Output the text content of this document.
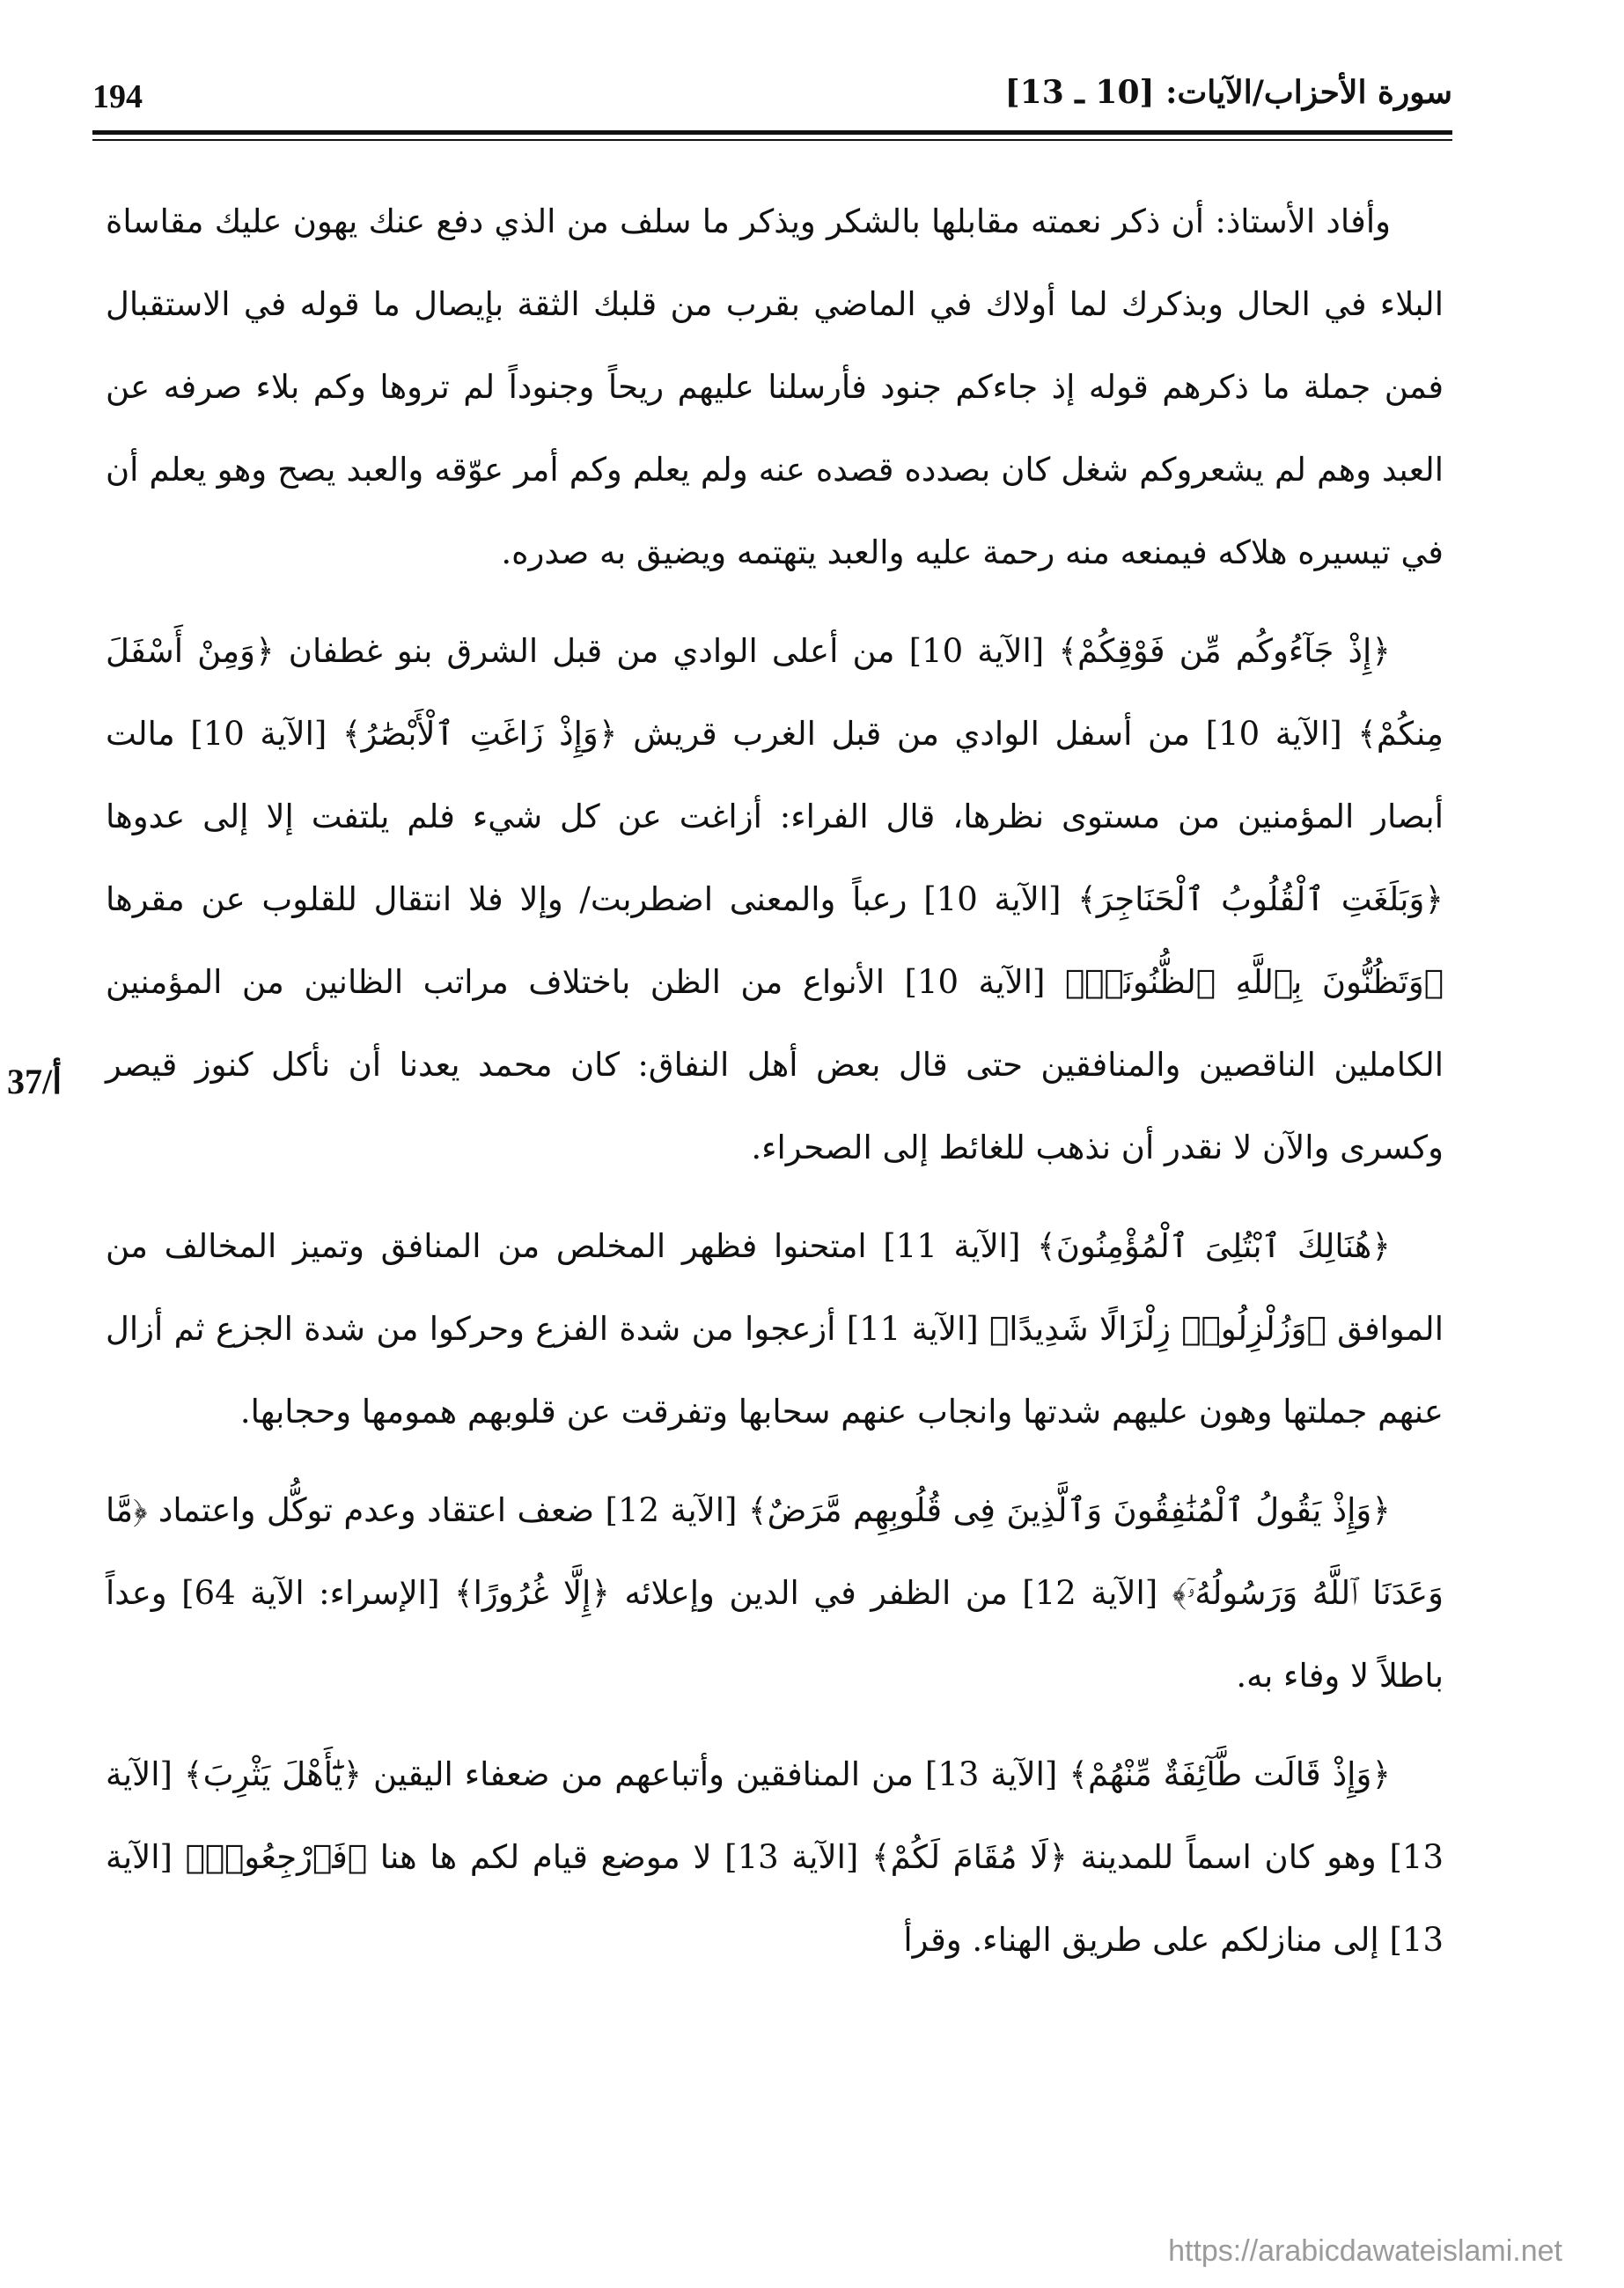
194	سورة الأحزاب/الآيات: [10 ـ 13]
37/أ
وأفاد الأستاذ: أن ذكر نعمته مقابلها بالشكر ويذكر ما سلف من الذي دفع عنك يهون عليك مقاساة البلاء في الحال وبذكرك لما أولاك في الماضي بقرب من قلبك الثقة بإيصال ما قوله في الاستقبال فمن جملة ما ذكرهم قوله إذ جاءكم جنود فأرسلنا عليهم ريحاً وجنوداً لم تروها وكم بلاء صرفه عن العبد وهم لم يشعروكم شغل كان بصدده قصده عنه ولم يعلم وكم أمر عوّقه والعبد يصح وهو يعلم أن في تيسيره هلاكه فيمنعه منه رحمة عليه والعبد يتهتمه ويضيق به صدره.
﴿إِذْ جَآءُوكُم مِّن فَوْقِكُمْ﴾ [الآية 10] من أعلى الوادي من قبل الشرق بنو غطفان ﴿وَمِنْ أَسْفَلَ مِنكُمْ﴾ [الآية 10] من أسفل الوادي من قبل الغرب قريش ﴿وَإِذْ زَاغَتِ ٱلْأَبْصَٰرُ﴾ [الآية 10] مالت أبصار المؤمنين من مستوى نظرها، قال الفراء: أزاغت عن كل شيء فلم يلتفت إلا إلى عدوها ﴿وَبَلَغَتِ ٱلْقُلُوبُ ٱلْحَنَاجِرَ﴾ [الآية 10] رعباً والمعنى اضطربت/ وإلا فلا انتقال للقلوب عن مقرها ﴿وَتَظُنُّونَ بِٱللَّهِ ٱلظُّنُونَا۠﴾ [الآية 10] الأنواع من الظن باختلاف مراتب الظانين من المؤمنين الكاملين الناقصين والمنافقين حتى قال بعض أهل النفاق: كان محمد يعدنا أن نأكل كنوز قيصر وكسرى والآن لا نقدر أن نذهب للغائط إلى الصحراء.
﴿هُنَالِكَ ٱبْتُلِىَ ٱلْمُؤْمِنُونَ﴾ [الآية 11] امتحنوا فظهر المخلص من المنافق وتميز المخالف من الموافق ﴿وَزُلْزِلُوا۟ زِلْزَالًا شَدِيدًا﴾ [الآية 11] أزعجوا من شدة الفزع وحركوا من شدة الجزع ثم أزال عنهم جملتها وهون عليهم شدتها وانجاب عنهم سحابها وتفرقت عن قلوبهم همومها وحجابها.
﴿وَإِذْ يَقُولُ ٱلْمُنَٰفِقُونَ وَٱلَّذِينَ فِى قُلُوبِهِم مَّرَضٌ﴾ [الآية 12] ضعف اعتقاد وعدم توكُّل واعتماد ﴿مَّا وَعَدَنَا ٱللَّهُ وَرَسُولُهُۥٓ﴾ [الآية 12] من الظفر في الدين وإعلائه ﴿إِلَّا غُرُورًا﴾ [الإسراء: الآية 64] وعداً باطلاً لا وفاء به.
﴿وَإِذْ قَالَت طَّآئِفَةٌ مِّنْهُمْ﴾ [الآية 13] من المنافقين وأتباعهم من ضعفاء اليقين ﴿يَٰٓأَهْلَ يَثْرِبَ﴾ [الآية 13] وهو كان اسماً للمدينة ﴿لَا مُقَامَ لَكُمْ﴾ [الآية 13] لا موضع قيام لكم ها هنا ﴿فَٱرْجِعُوا۟﴾ [الآية 13] إلى منازلكم على طريق الهناء. وقرأ
https://arabicdawateislami.net
